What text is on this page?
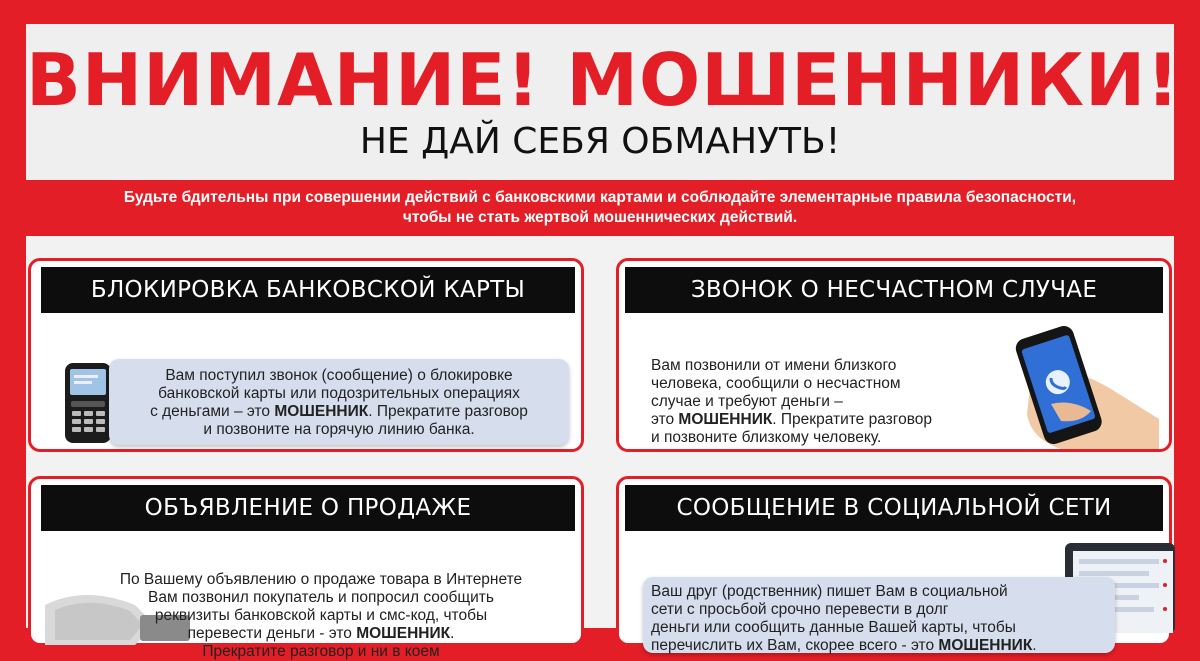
ВНИМАНИЕ! МОШЕННИКИ!
НЕ ДАЙ СЕБЯ ОБМАНУТЬ!
Будьте бдительны при совершении действий с банковскими картами и соблюдайте элементарные правила безопасности,
чтобы не стать жертвой мошеннических действий.
БЛОКИРОВКА БАНКОВСКОЙ КАРТЫ
Вам поступил звонок (сообщение) о блокировке
банковской карты или подозрительных операциях
с деньгами – это МОШЕННИК. Прекратите разговор
и позвоните на горячую линию банка.
ЗВОНОК О НЕСЧАСТНОМ СЛУЧАЕ
Вам позвонили от имени близкого
человека, сообщили о несчастном
случае и требуют деньги –
это МОШЕННИК. Прекратите разговор
и позвоните близкому человеку.
ОБЪЯВЛЕНИЕ О ПРОДАЖЕ
По Вашему объявлению о продаже товара в Интернете
Вам позвонил покупатель и попросил сообщить
реквизиты банковской карты и смс-код, чтобы
перевести деньги - это МОШЕННИК.
Прекратите разговор и ни в коем
СООБЩЕНИЕ В СОЦИАЛЬНОЙ СЕТИ
Ваш друг (родственник) пишет Вам в социальной
сети с просьбой срочно перевести в долг
деньги или сообщить данные Вашей карты, чтобы
перечислить их Вам, скорее всего - это МОШЕННИК.
